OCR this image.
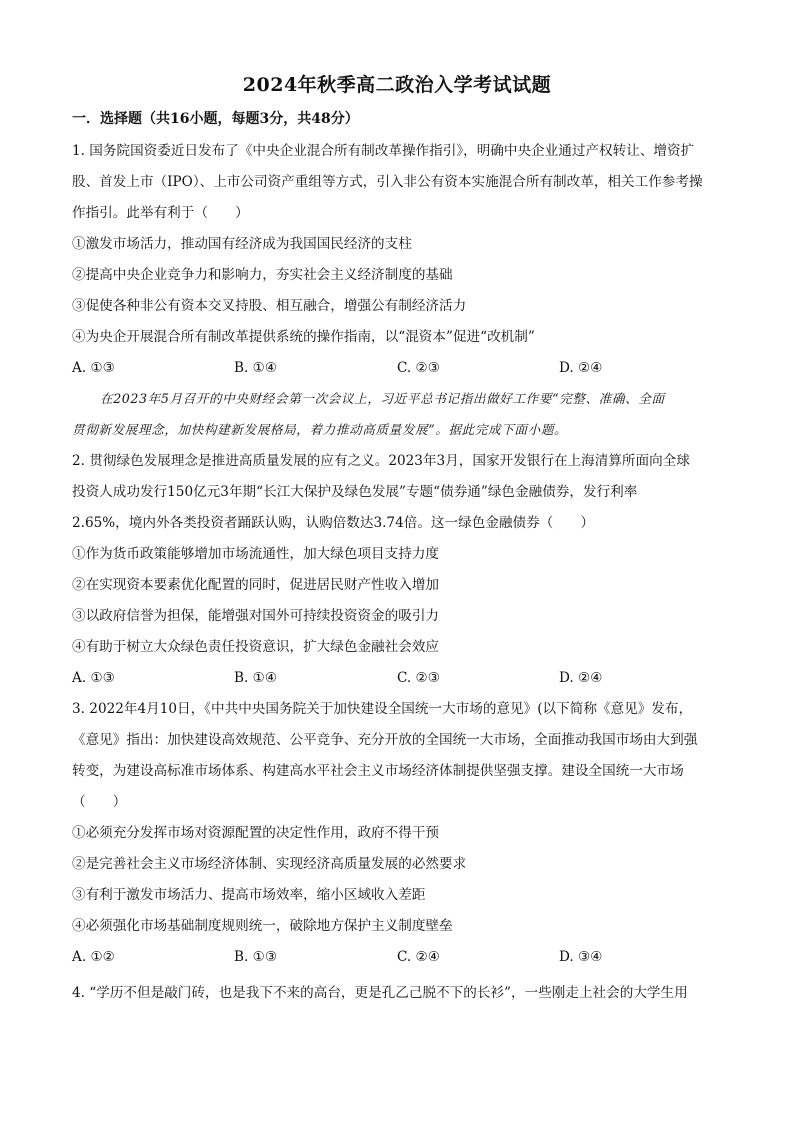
2024年秋季高二政治入学考试试题
一．选择题（共16小题，每题3分，共48分）
1. 国务院国资委近日发布了《中央企业混合所有制改革操作指引》，明确中央企业通过产权转让、增资扩
股、首发上市（IPO）、上市公司资产重组等方式，引入非公有资本实施混合所有制改革，相关工作参考操
作指引。此举有利于（　　）
①激发市场活力，推动国有经济成为我国国民经济的支柱
②提高中央企业竞争力和影响力，夯实社会主义经济制度的基础
③促使各种非公有资本交叉持股、相互融合，增强公有制经济活力
④为央企开展混合所有制改革提供系统的操作指南，以“混资本”促进“改机制”
A. ①③	B. ①④	C. ②③	D. ②④
在2023年5月召开的中央财经会第一次会议上，习近平总书记指出做好工作要“完整、准确、全面
贯彻新发展理念，加快构建新发展格局，着力推动高质量发展”。据此完成下面小题。
2. 贯彻绿色发展理念是推进高质量发展的应有之义。2023年3月，国家开发银行在上海清算所面向全球
投资人成功发行150亿元3年期“长江大保护及绿色发展”专题“债券通”绿色金融债券，发行利率
2.65%，境内外各类投资者踊跃认购，认购倍数达3.74倍。这一绿色金融债券（　　）
①作为货币政策能够增加市场流通性，加大绿色项目支持力度
②在实现资本要素优化配置的同时，促进居民财产性收入增加
③以政府信誉为担保，能增强对国外可持续投资资金的吸引力
④有助于树立大众绿色责任投资意识，扩大绿色金融社会效应
A. ①③	B. ①④	C. ②③	D. ②④
3. 2022年4月10日，《中共中央国务院关于加快建设全国统一大市场的意见》(以下简称《意见》发布，
《意见》指出：加快建设高效规范、公平竞争、充分开放的全国统一大市场，全面推动我国市场由大到强
转变，为建设高标准市场体系、构建高水平社会主义市场经济体制提供坚强支撑。建设全国统一大市场
（　　）
①必须充分发挥市场对资源配置的决定性作用，政府不得干预
②是完善社会主义市场经济体制、实现经济高质量发展的必然要求
③有利于激发市场活力、提高市场效率，缩小区域收入差距
④必须强化市场基础制度规则统一，破除地方保护主义制度壁垒
A. ①②	B. ①③	C. ②④	D. ③④
4. “学历不但是敲门砖，也是我下不来的高台，更是孔乙己脱不下的长衫”，一些刚走上社会的大学生用
